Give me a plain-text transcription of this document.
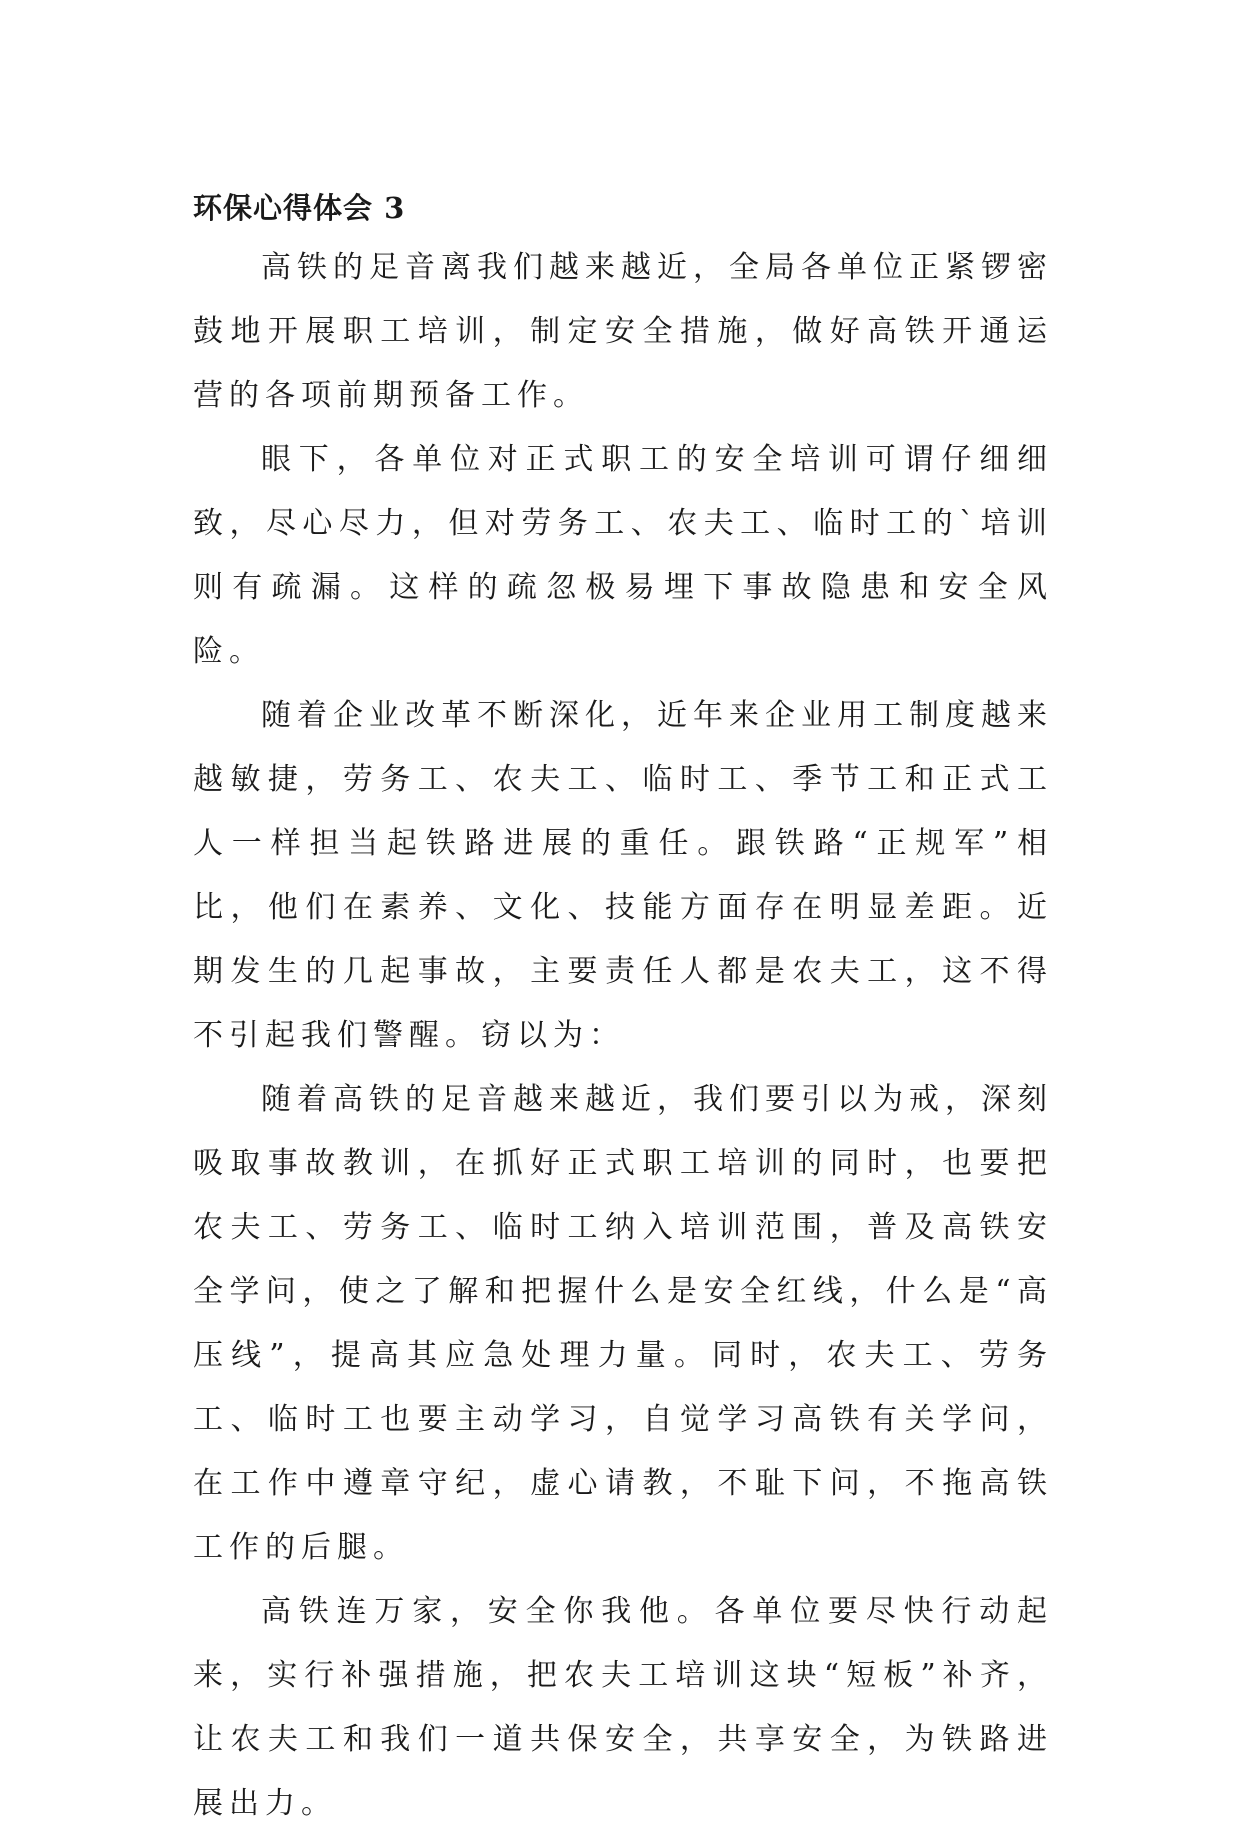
环保心得体会 3

高铁的足音离我们越来越近，全局各单位正紧锣密鼓地开展职工培训，制定安全措施，做好高铁开通运营的各项前期预备工作。

眼下，各单位对正式职工的安全培训可谓仔细细致，尽心尽力，但对劳务工、农夫工、临时工的`培训则有疏漏。这样的疏忽极易埋下事故隐患和安全风险。

随着企业改革不断深化，近年来企业用工制度越来越敏捷，劳务工、农夫工、临时工、季节工和正式工人一样担当起铁路进展的重任。跟铁路“正规军”相比，他们在素养、文化、技能方面存在明显差距。近期发生的几起事故，主要责任人都是农夫工，这不得不引起我们警醒。窃以为：

随着高铁的足音越来越近，我们要引以为戒，深刻吸取事故教训，在抓好正式职工培训的同时，也要把农夫工、劳务工、临时工纳入培训范围，普及高铁安全学问，使之了解和把握什么是安全红线，什么是“高压线”，提高其应急处理力量。同时，农夫工、劳务工、临时工也要主动学习，自觉学习高铁有关学问，在工作中遵章守纪，虚心请教，不耻下问，不拖高铁工作的后腿。

高铁连万家，安全你我他。各单位要尽快行动起来，实行补强措施，把农夫工培训这块“短板”补齐，让农夫工和我们一道共保安全，共享安全，为铁路进展出力。
